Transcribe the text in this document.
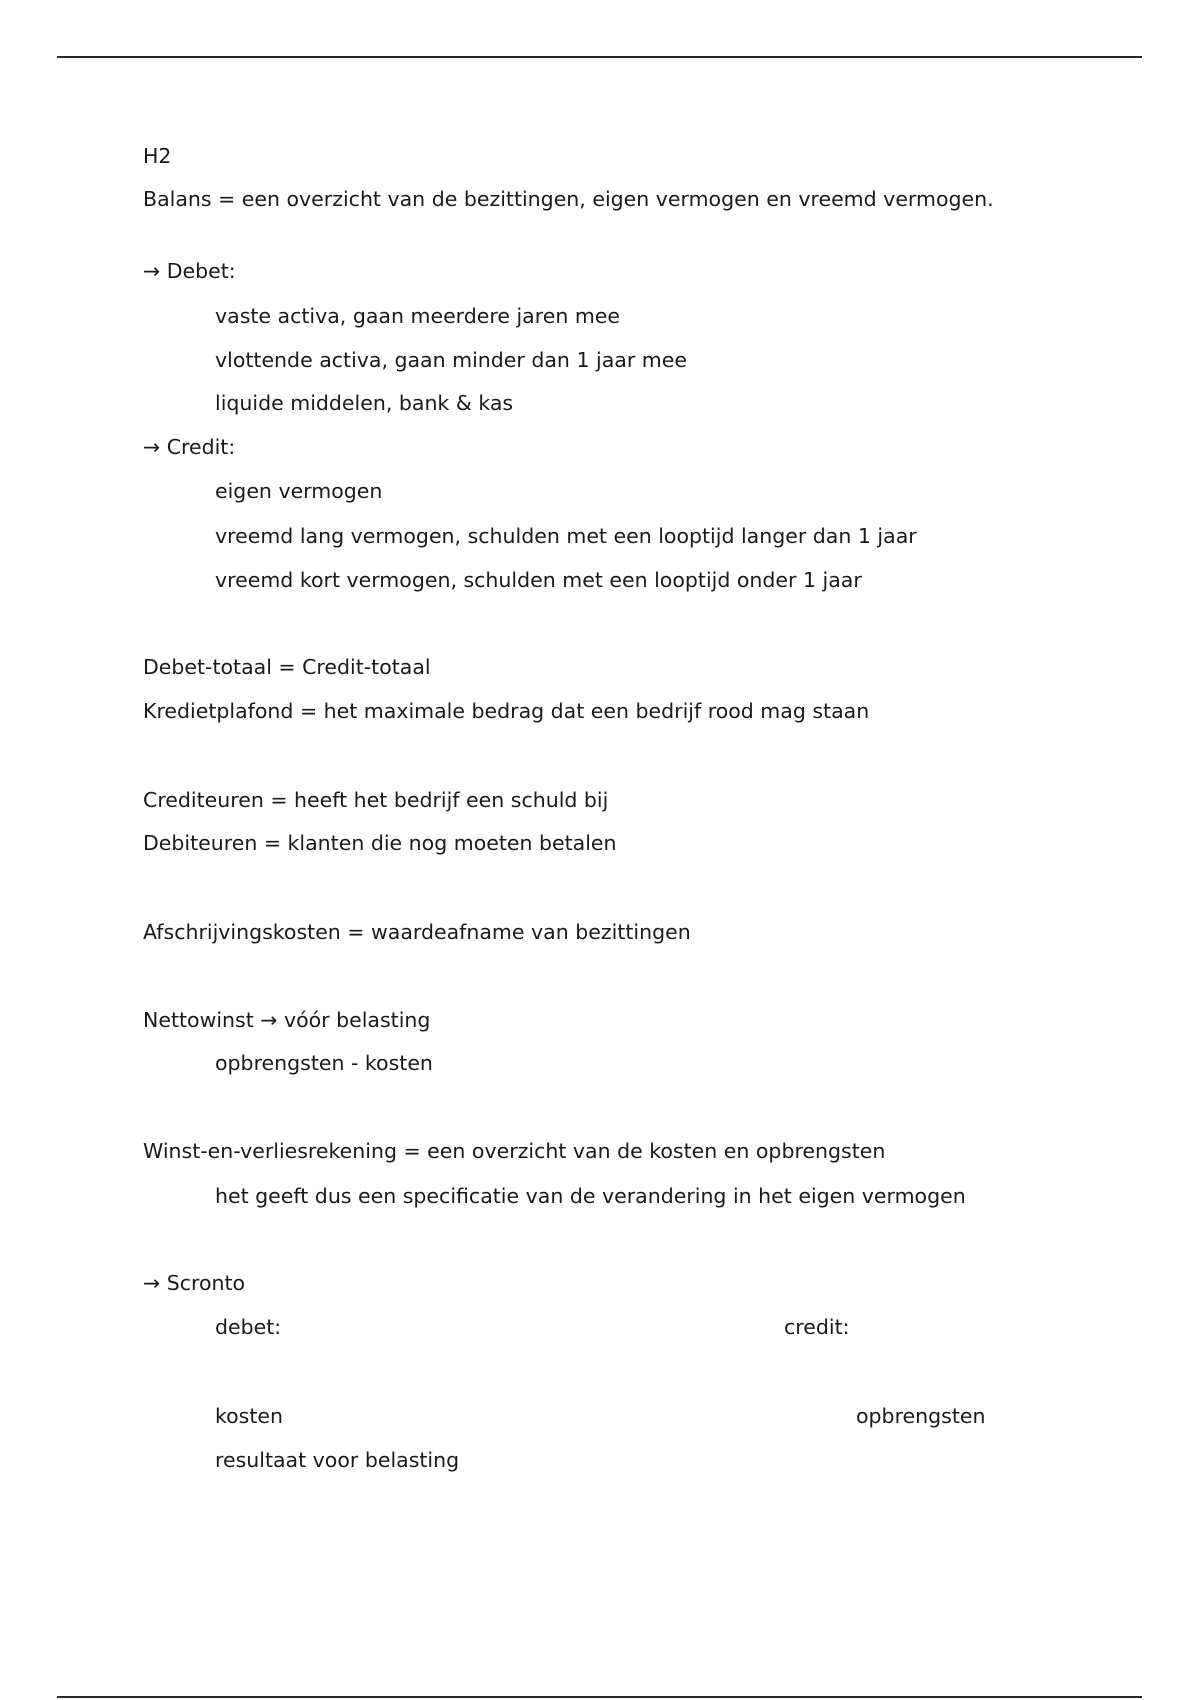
H2
Balans = een overzicht van de bezittingen, eigen vermogen en vreemd vermogen.
→ Debet:
vaste activa, gaan meerdere jaren mee
vlottende activa, gaan minder dan 1 jaar mee
liquide middelen, bank & kas
→ Credit:
eigen vermogen
vreemd lang vermogen, schulden met een looptijd langer dan 1 jaar
vreemd kort vermogen, schulden met een looptijd onder 1 jaar
Debet-totaal = Credit-totaal
Kredietplafond = het maximale bedrag dat een bedrijf rood mag staan
Crediteuren = heeft het bedrijf een schuld bij
Debiteuren = klanten die nog moeten betalen
Afschrijvingskosten = waardeafname van bezittingen
Nettowinst → vóór belasting
opbrengsten - kosten
Winst-en-verliesrekening = een overzicht van de kosten en opbrengsten
het geeft dus een specificatie van de verandering in het eigen vermogen
→ Scronto
debet:	credit:
kosten	opbrengsten
resultaat voor belasting
